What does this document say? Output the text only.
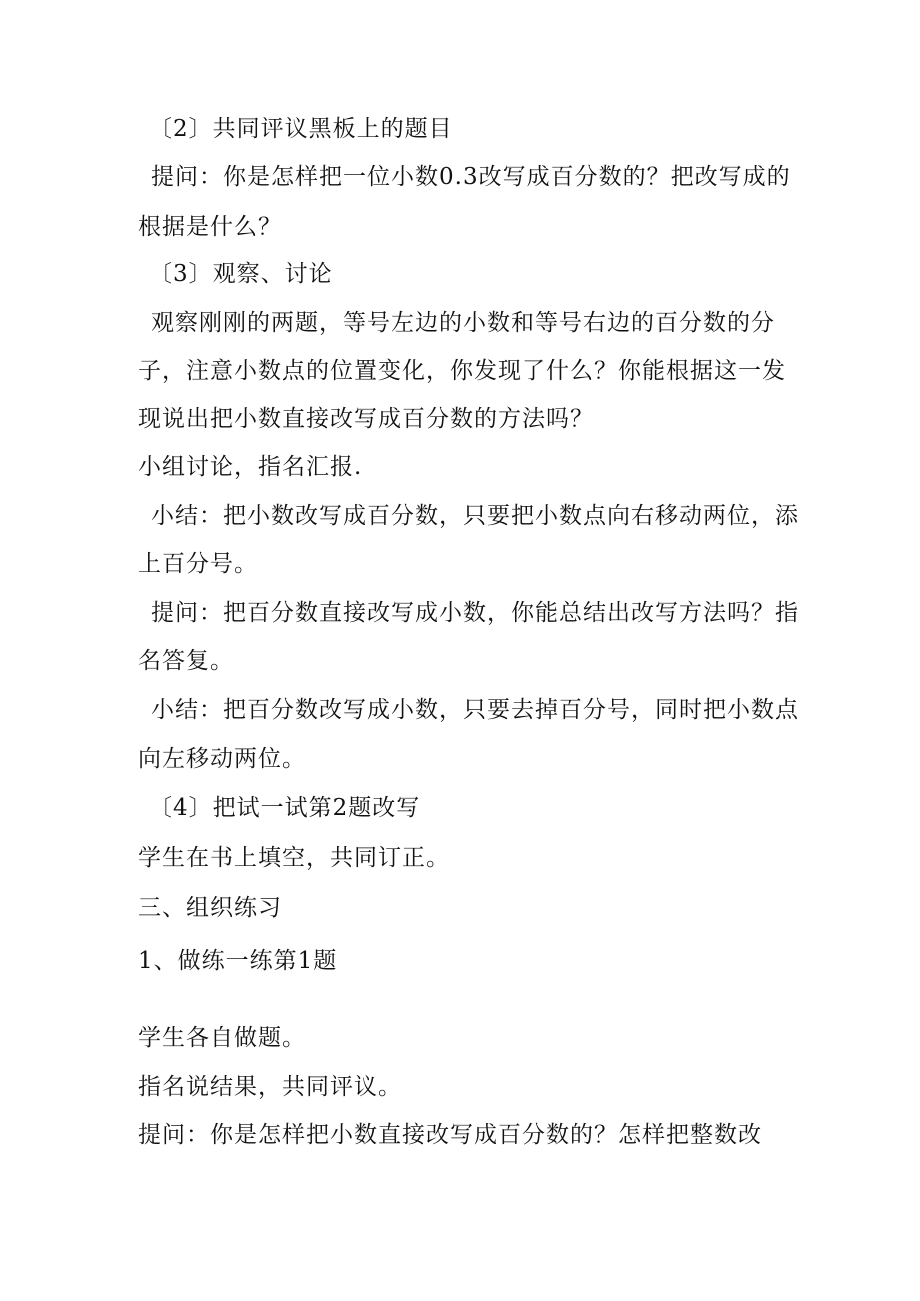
〔2〕共同评议黑板上的题目
提问：你是怎样把一位小数0.3改写成百分数的？把改写成的
根据是什么？
〔3〕观察、讨论
观察刚刚的两题，等号左边的小数和等号右边的百分数的分
子，注意小数点的位置变化，你发现了什么？你能根据这一发
现说出把小数直接改写成百分数的方法吗？
小组讨论，指名汇报.
小结：把小数改写成百分数，只要把小数点向右移动两位，添
上百分号。
提问：把百分数直接改写成小数，你能总结出改写方法吗？指
名答复。
小结：把百分数改写成小数，只要去掉百分号，同时把小数点
向左移动两位。
〔4〕把试一试第2题改写
学生在书上填空，共同订正。
三、组织练习
1、做练一练第1题
学生各自做题。
指名说结果，共同评议。
提问：你是怎样把小数直接改写成百分数的？怎样把整数改
